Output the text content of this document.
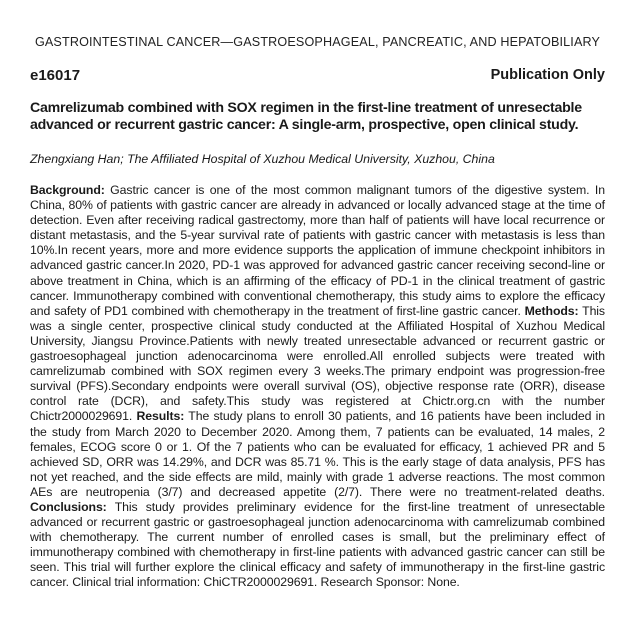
GASTROINTESTINAL CANCER—GASTROESOPHAGEAL, PANCREATIC, AND HEPATOBILIARY
e16017	Publication Only
Camrelizumab combined with SOX regimen in the first-line treatment of unresectable advanced or recurrent gastric cancer: A single-arm, prospective, open clinical study.
Zhengxiang Han; The Affiliated Hospital of Xuzhou Medical University, Xuzhou, China
Background: Gastric cancer is one of the most common malignant tumors of the digestive system. In China, 80% of patients with gastric cancer are already in advanced or locally advanced stage at the time of detection. Even after receiving radical gastrectomy, more than half of patients will have local recurrence or distant metastasis, and the 5-year survival rate of patients with gastric cancer with metastasis is less than 10%.In recent years, more and more evidence supports the application of immune checkpoint inhibitors in advanced gastric cancer.In 2020, PD-1 was approved for advanced gastric cancer receiving second-line or above treatment in China, which is an affirming of the efficacy of PD-1 in the clinical treatment of gastric cancer. Immunotherapy combined with conventional chemotherapy, this study aims to explore the efficacy and safety of PD1 combined with chemotherapy in the treatment of first-line gastric cancer. Methods: This was a single center, prospective clinical study conducted at the Affiliated Hospital of Xuzhou Medical University, Jiangsu Province.Patients with newly treated unresectable advanced or recurrent gastric or gastroesophageal junction adenocarcinoma were enrolled.All enrolled subjects were treated with camrelizumab combined with SOX regimen every 3 weeks.The primary endpoint was progression-free survival (PFS).Secondary endpoints were overall survival (OS), objective response rate (ORR), disease control rate (DCR), and safety.This study was registered at Chictr.org.cn with the number Chictr2000029691. Results: The study plans to enroll 30 patients, and 16 patients have been included in the study from March 2020 to December 2020. Among them, 7 patients can be evaluated, 14 males, 2 females, ECOG score 0 or 1. Of the 7 patients who can be evaluated for efficacy, 1 achieved PR and 5 achieved SD, ORR was 14.29%, and DCR was 85.71 %. This is the early stage of data analysis, PFS has not yet reached, and the side effects are mild, mainly with grade 1 adverse reactions. The most common AEs are neutropenia (3/7) and decreased appetite (2/7). There were no treatment-related deaths. Conclusions: This study provides preliminary evidence for the first-line treatment of unresectable advanced or recurrent gastric or gastroesophageal junction adenocarcinoma with camrelizumab combined with chemotherapy. The current number of enrolled cases is small, but the preliminary effect of immunotherapy combined with chemotherapy in first-line patients with advanced gastric cancer can still be seen. This trial will further explore the clinical efficacy and safety of immunotherapy in the first-line gastric cancer. Clinical trial information: ChiCTR2000029691. Research Sponsor: None.
